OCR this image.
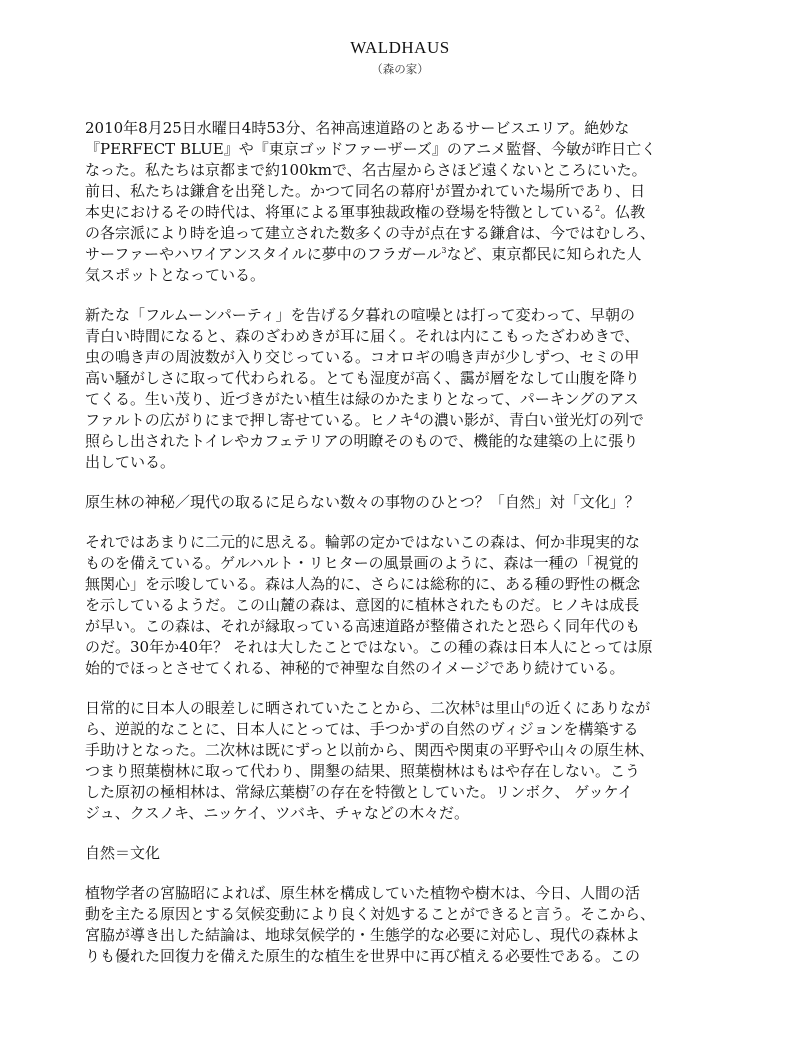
WALDHAUS
（森の家）

2010年8月25日水曜日4時53分、名神高速道路のとあるサービスエリア。絶妙な
『PERFECT BLUE』や『東京ゴッドファーザーズ』のアニメ監督、今敏が昨日亡く
なった。私たちは京都まで約100kmで、名古屋からさほど遠くないところにいた。
前日、私たちは鎌倉を出発した。かつて同名の幕府$^1$が置かれていた場所であり、日
本史におけるその時代は、将軍による軍事独裁政権の登場を特徴としている$^2$。仏教
の各宗派により時を追って建立された数多くの寺が点在する鎌倉は、今ではむしろ、
サーファーやハワイアンスタイルに夢中のフラガール$^3$など、東京都民に知られた人
気スポットとなっている。

新たな「フルムーンパーティ」を告げる夕暮れの喧噪とは打って変わって、早朝の
青白い時間になると、森のざわめきが耳に届く。それは内にこもったざわめきで、
虫の鳴き声の周波数が入り交じっている。コオロギの鳴き声が少しずつ、セミの甲
高い騒がしさに取って代わられる。とても湿度が高く、靄が層をなして山腹を降り
てくる。生い茂り、近づきがたい植生は緑のかたまりとなって、パーキングのアス
ファルトの広がりにまで押し寄せている。ヒノキ$^4$の濃い影が、青白い蛍光灯の列で
照らし出されたトイレやカフェテリアの明瞭そのもので、機能的な建築の上に張り
出している。

原生林の神秘／現代の取るに足らない数々の事物のひとつ？「自然」対「文化」？

それではあまりに二元的に思える。輪郭の定かではないこの森は、何か非現実的な
ものを備えている。ゲルハルト・リヒターの風景画のように、森は一種の「視覚的
無関心」を示唆している。森は人為的に、さらには総称的に、ある種の野性の概念
を示しているようだ。この山麓の森は、意図的に植林されたものだ。ヒノキは成長
が早い。この森は、それが縁取っている高速道路が整備されたと恐らく同年代のも
のだ。30年か40年？ それは大したことではない。この種の森は日本人にとっては原
始的でほっとさせてくれる、神秘的で神聖な自然のイメージであり続けている。

日常的に日本人の眼差しに晒されていたことから、二次林$^5$は里山$^6$の近くにありなが
ら、逆説的なことに、日本人にとっては、手つかずの自然のヴィジョンを構築する
手助けとなった。二次林は既にずっと以前から、関西や関東の平野や山々の原生林、
つまり照葉樹林に取って代わり、開墾の結果、照葉樹林はもはや存在しない。こう
した原初の極相林は、常緑広葉樹$^7$の存在を特徴としていた。リンボク、 ゲッケイ
ジュ、クスノキ、ニッケイ、ツバキ、チャなどの木々だ。

自然＝文化

植物学者の宮脇昭によれば、原生林を構成していた植物や樹木は、今日、人間の活
動を主たる原因とする気候変動により良く対処することができると言う。そこから、
宮脇が導き出した結論は、地球気候学的・生態学的な必要に対応し、現代の森林よ
りも優れた回復力を備えた原生的な植生を世界中に再び植える必要性である。この
